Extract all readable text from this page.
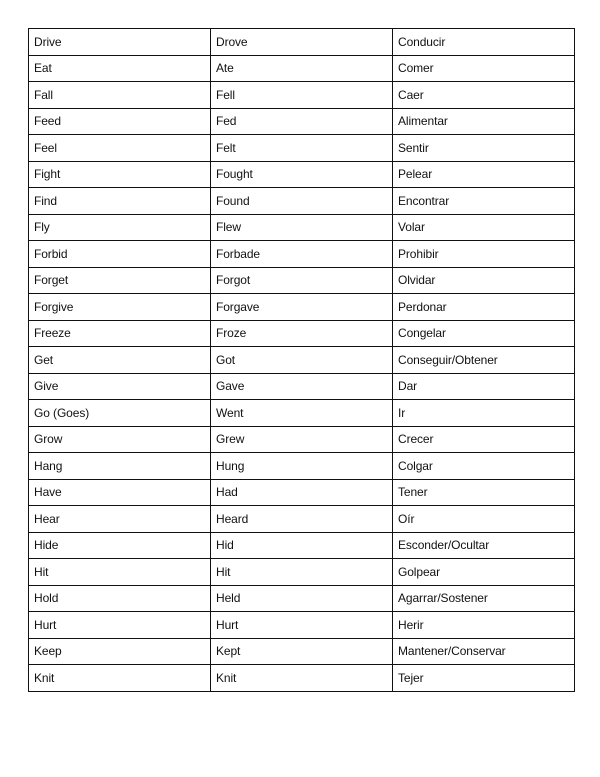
Drive	Drove	Conducir
Eat	Ate	Comer
Fall	Fell	Caer
Feed	Fed	Alimentar
Feel	Felt	Sentir
Fight	Fought	Pelear
Find	Found	Encontrar
Fly	Flew	Volar
Forbid	Forbade	Prohibir
Forget	Forgot	Olvidar
Forgive	Forgave	Perdonar
Freeze	Froze	Congelar
Get	Got	Conseguir/Obtener
Give	Gave	Dar
Go (Goes)	Went	Ir
Grow	Grew	Crecer
Hang	Hung	Colgar
Have	Had	Tener
Hear	Heard	Oír
Hide	Hid	Esconder/Ocultar
Hit	Hit	Golpear
Hold	Held	Agarrar/Sostener
Hurt	Hurt	Herir
Keep	Kept	Mantener/Conservar
Knit	Knit	Tejer
